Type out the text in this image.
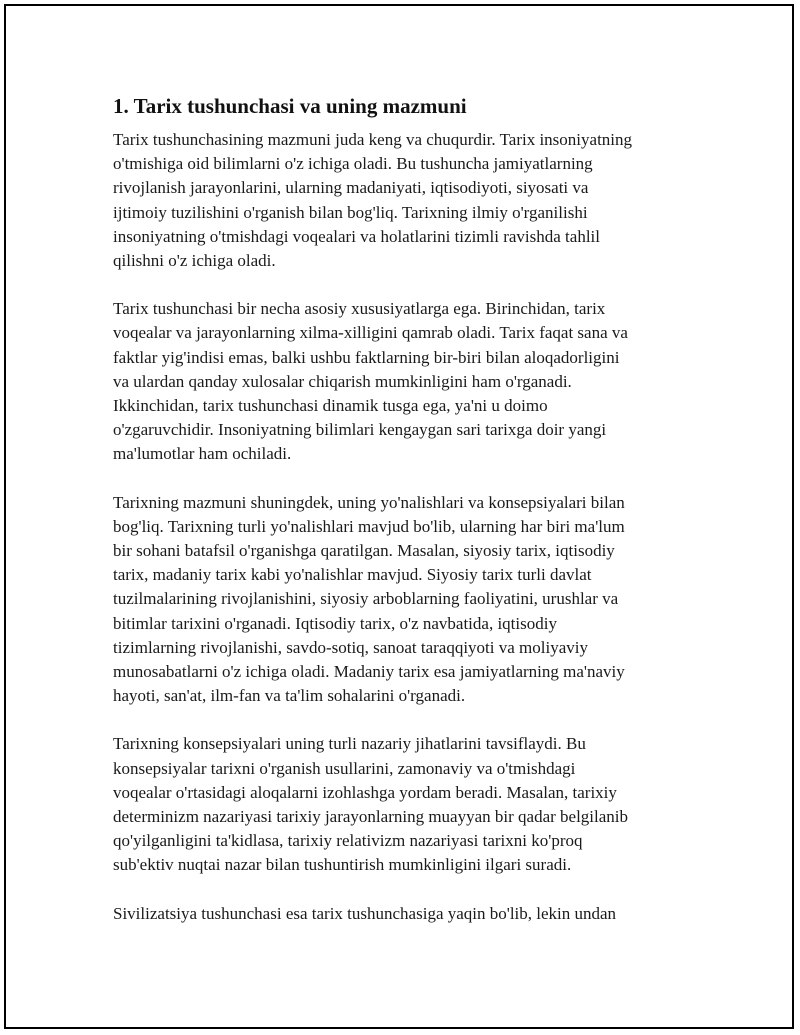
1. Tarix tushunchasi va uning mazmuni

Tarix tushunchasining mazmuni juda keng va chuqurdir. Tarix insoniyatning
o'tmishiga oid bilimlarni o'z ichiga oladi. Bu tushuncha jamiyatlarning
rivojlanish jarayonlarini, ularning madaniyati, iqtisodiyoti, siyosati va
ijtimoiy tuzilishini o'rganish bilan bog'liq. Tarixning ilmiy o'rganilishi
insoniyatning o'tmishdagi voqealari va holatlarini tizimli ravishda tahlil
qilishni o'z ichiga oladi.

Tarix tushunchasi bir necha asosiy xususiyatlarga ega. Birinchidan, tarix
voqealar va jarayonlarning xilma-xilligini qamrab oladi. Tarix faqat sana va
faktlar yig'indisi emas, balki ushbu faktlarning bir-biri bilan aloqadorligini
va ulardan qanday xulosalar chiqarish mumkinligini ham o'rganadi.
Ikkinchidan, tarix tushunchasi dinamik tusga ega, ya'ni u doimo
o'zgaruvchidir. Insoniyatning bilimlari kengaygan sari tarixga doir yangi
ma'lumotlar ham ochiladi.

Tarixning mazmuni shuningdek, uning yo'nalishlari va konsepsiyalari bilan
bog'liq. Tarixning turli yo'nalishlari mavjud bo'lib, ularning har biri ma'lum
bir sohani batafsil o'rganishga qaratilgan. Masalan, siyosiy tarix, iqtisodiy
tarix, madaniy tarix kabi yo'nalishlar mavjud. Siyosiy tarix turli davlat
tuzilmalarining rivojlanishini, siyosiy arboblarning faoliyatini, urushlar va
bitimlar tarixini o'rganadi. Iqtisodiy tarix, o'z navbatida, iqtisodiy
tizimlarning rivojlanishi, savdo-sotiq, sanoat taraqqiyoti va moliyaviy
munosabatlarni o'z ichiga oladi. Madaniy tarix esa jamiyatlarning ma'naviy
hayoti, san'at, ilm-fan va ta'lim sohalarini o'rganadi.

Tarixning konsepsiyalari uning turli nazariy jihatlarini tavsiflaydi. Bu
konsepsiyalar tarixni o'rganish usullarini, zamonaviy va o'tmishdagi
voqealar o'rtasidagi aloqalarni izohlashga yordam beradi. Masalan, tarixiy
determinizm nazariyasi tarixiy jarayonlarning muayyan bir qadar belgilanib
qo'yilganligini ta'kidlasa, tarixiy relativizm nazariyasi tarixni ko'proq
sub'ektiv nuqtai nazar bilan tushuntirish mumkinligini ilgari suradi.

Sivilizatsiya tushunchasi esa tarix tushunchasiga yaqin bo'lib, lekin undan
